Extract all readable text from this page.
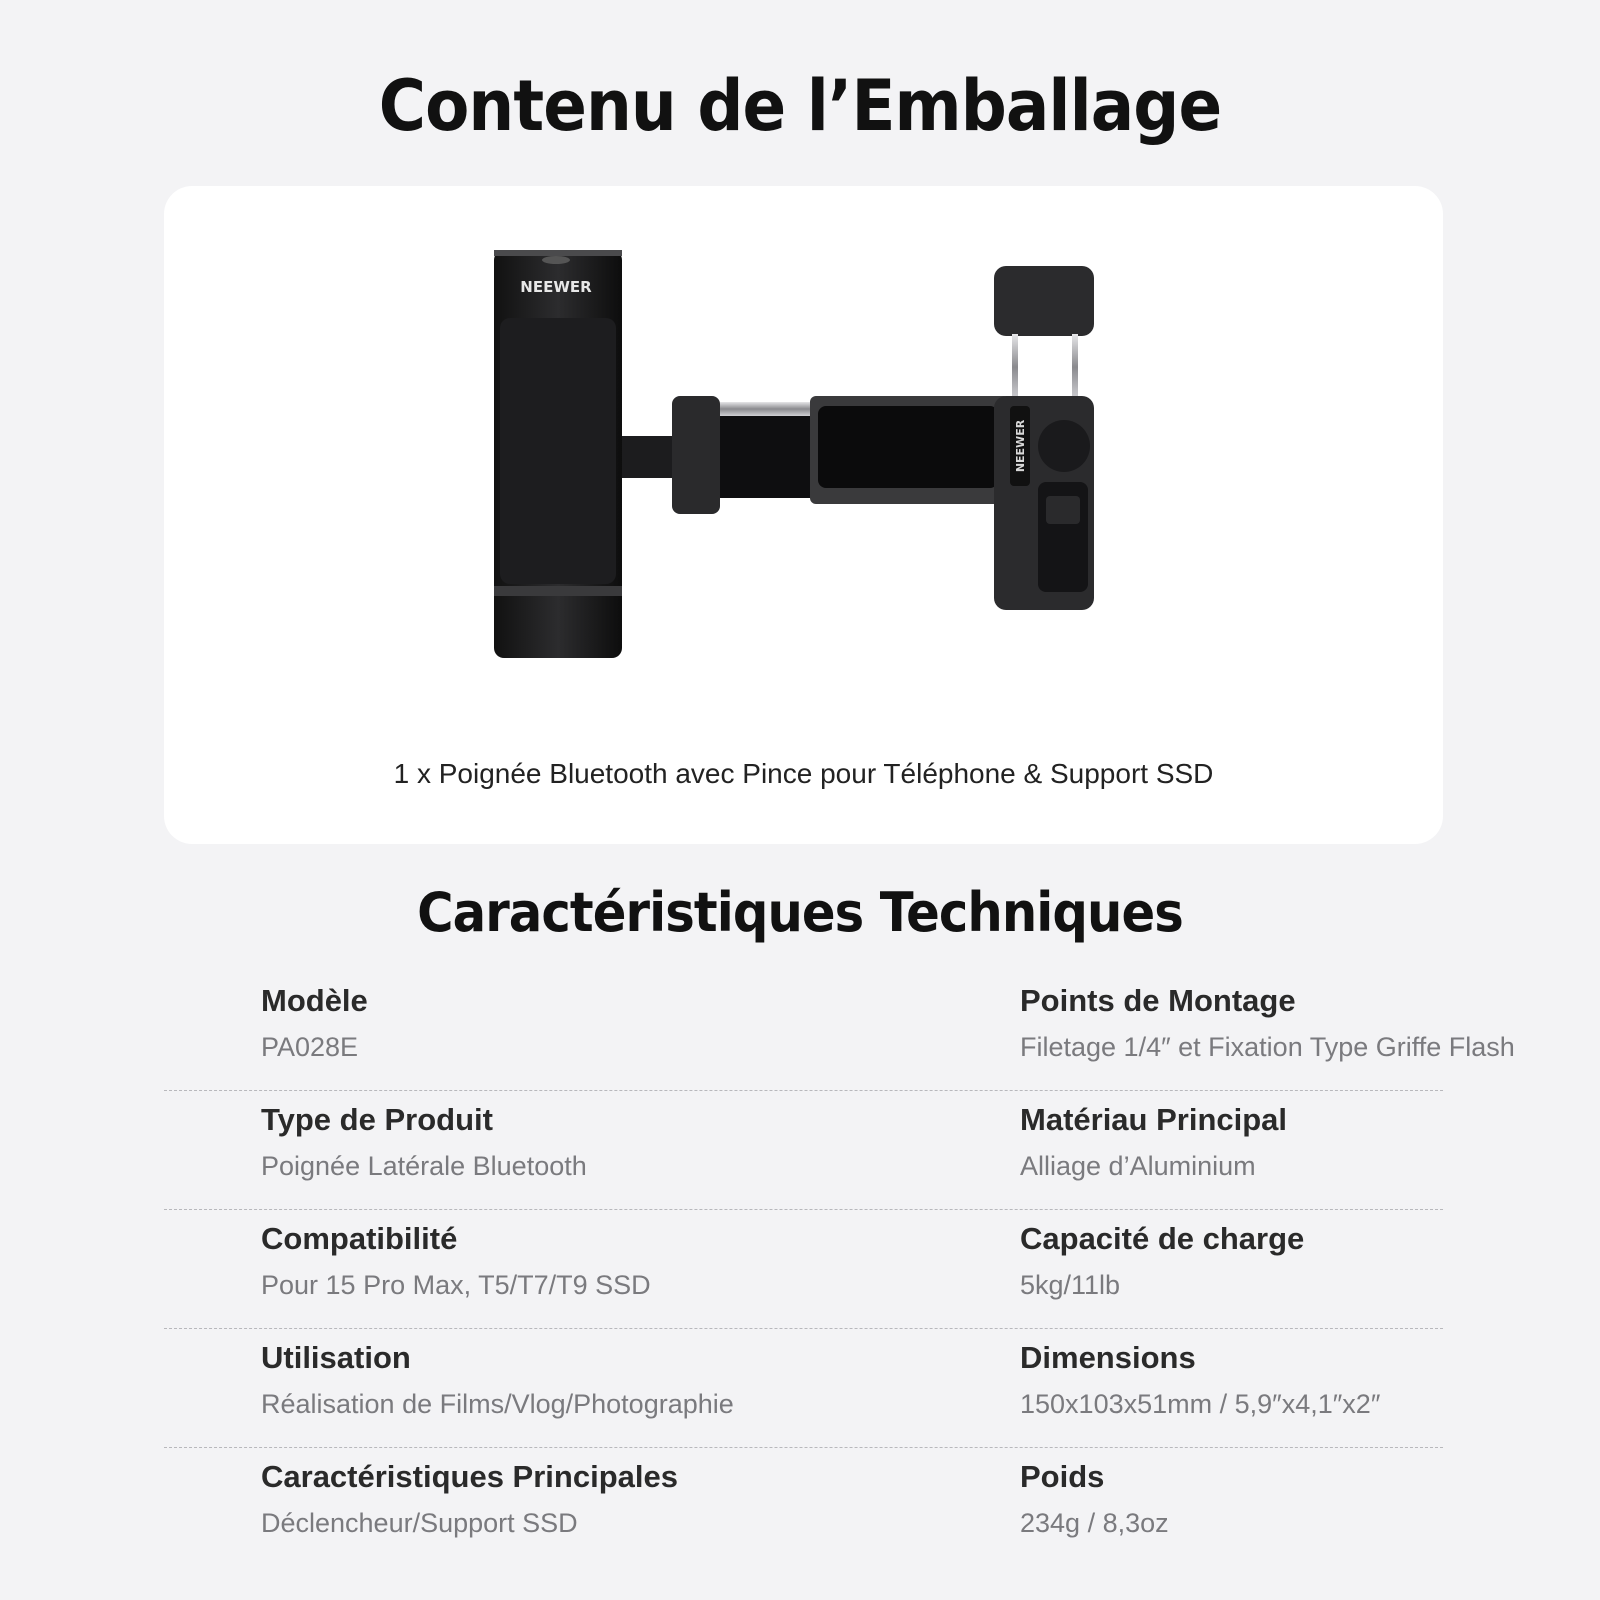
Contenu de l’Emballage
NEEWER
NEEWER
1 x Poignée Bluetooth avec Pince pour Téléphone & Support SSD
Caractéristiques Techniques
Modèle
PA028E
Points de Montage
Filetage 1/4″ et Fixation Type Griffe Flash
Type de Produit
Poignée Latérale Bluetooth
Matériau Principal
Alliage d’Aluminium
Compatibilité
Pour 15 Pro Max, T5/T7/T9 SSD
Capacité de charge
5kg/11lb
Utilisation
Réalisation de Films/Vlog/Photographie
Dimensions
150x103x51mm / 5,9″x4,1″x2″
Caractéristiques Principales
Déclencheur/Support SSD
Poids
234g / 8,3oz
